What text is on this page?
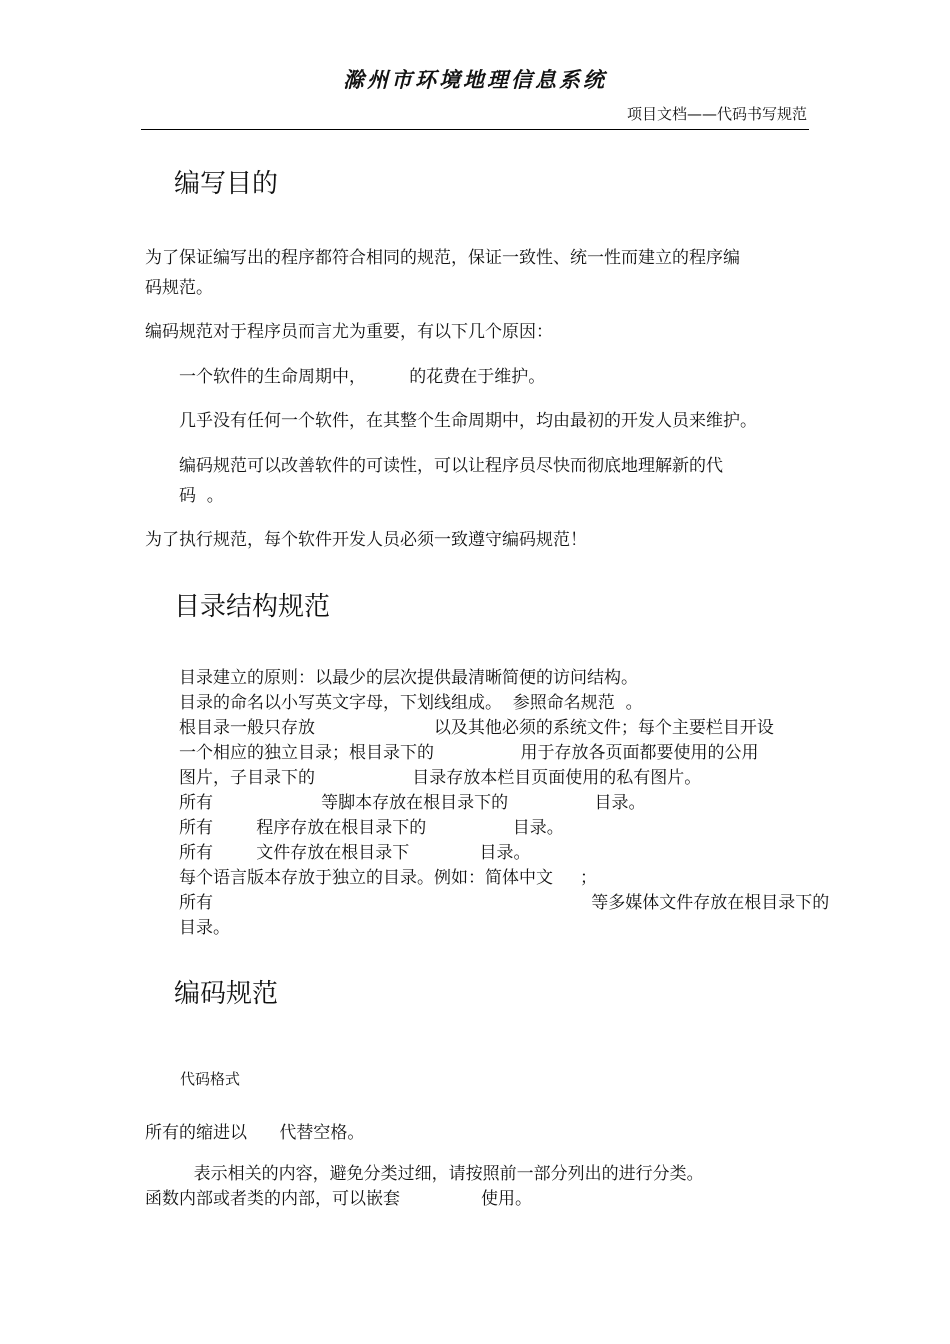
滁州市环境地理信息系统
项目文档——代码书写规范
编写目的
为了保证编写出的程序都符合相同的规范，保证一致性、统一性而建立的程序编
码规范。
编码规范对于程序员而言尤为重要，有以下几个原因：
一个软件的生命周期中，        的花费在于维护。
几乎没有任何一个软件，在其整个生命周期中，均由最初的开发人员来维护。
编码规范可以改善软件的可读性，可以让程序员尽快而彻底地理解新的代
码  。
为了执行规范，每个软件开发人员必须一致遵守编码规范！
目录结构规范
目录建立的原则：以最少的层次提供最清晰简便的访问结构。
目录的命名以小写英文字母，下划线组成。  参照命名规范  。
根目录一般只存放                      以及其他必须的系统文件；每个主要栏目开设
一个相应的独立目录；根目录下的                用于存放各页面都要使用的公用
图片，子目录下的                  目录存放本栏目页面使用的私有图片。
所有                    等脚本存放在根目录下的                目录。
所有        程序存放在根目录下的                目录。
所有        文件存放在根目录下             目录。
每个语言版本存放于独立的目录。例如：简体中文     ；
所有                                                                      等多媒体文件存放在根目录下的
目录。
编码规范
代码格式
所有的缩进以      代替空格。
表示相关的内容，避免分类过细，请按照前一部分列出的进行分类。
函数内部或者类的内部，可以嵌套               使用。
